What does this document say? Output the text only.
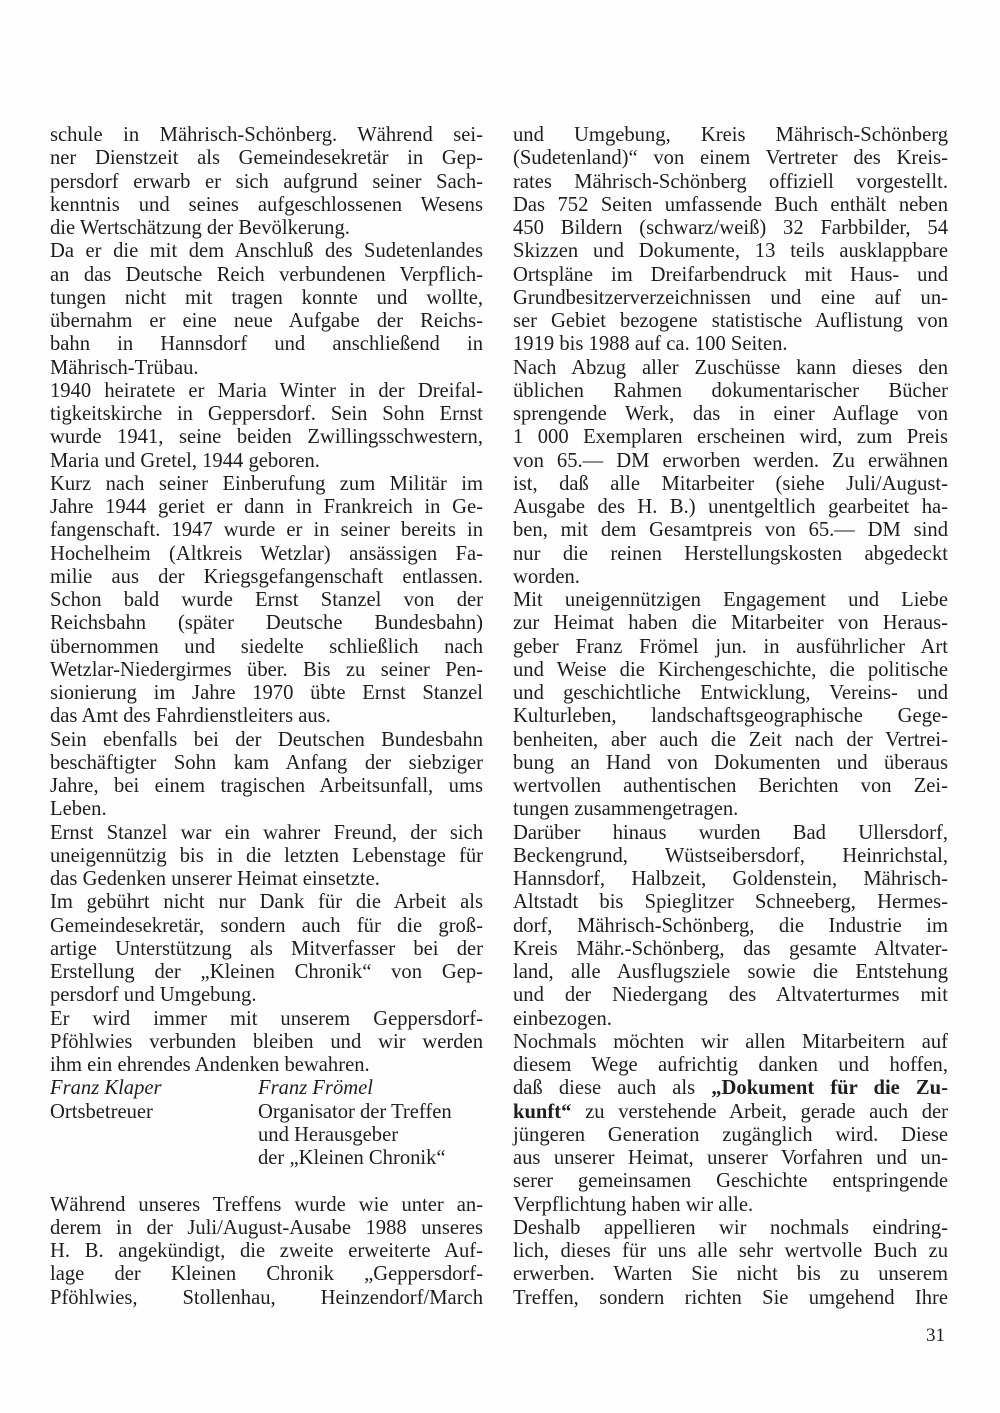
schule in Mährisch-Schönberg. Während sei-
ner Dienstzeit als Gemeindesekretär in Gep-
persdorf erwarb er sich aufgrund seiner Sach-
kenntnis und seines aufgeschlossenen Wesens
die Wertschätzung der Bevölkerung.
Da er die mit dem Anschluß des Sudetenlandes
an das Deutsche Reich verbundenen Verpflich-
tungen nicht mit tragen konnte und wollte,
übernahm er eine neue Aufgabe der Reichs-
bahn in Hannsdorf und anschließend in
Mährisch-Trübau.
1940 heiratete er Maria Winter in der Dreifal-
tigkeitskirche in Geppersdorf. Sein Sohn Ernst
wurde 1941, seine beiden Zwillingsschwestern,
Maria und Gretel, 1944 geboren.
Kurz nach seiner Einberufung zum Militär im
Jahre 1944 geriet er dann in Frankreich in Ge-
fangenschaft. 1947 wurde er in seiner bereits in
Hochelheim (Altkreis Wetzlar) ansässigen Fa-
milie aus der Kriegsgefangenschaft entlassen.
Schon bald wurde Ernst Stanzel von der
Reichsbahn (später Deutsche Bundesbahn)
übernommen und siedelte schließlich nach
Wetzlar-Niedergirmes über. Bis zu seiner Pen-
sionierung im Jahre 1970 übte Ernst Stanzel
das Amt des Fahrdienstleiters aus.
Sein ebenfalls bei der Deutschen Bundesbahn
beschäftigter Sohn kam Anfang der siebziger
Jahre, bei einem tragischen Arbeitsunfall, ums
Leben.
Ernst Stanzel war ein wahrer Freund, der sich
uneigennützig bis in die letzten Lebenstage für
das Gedenken unserer Heimat einsetzte.
Im gebührt nicht nur Dank für die Arbeit als
Gemeindesekretär, sondern auch für die groß-
artige Unterstützung als Mitverfasser bei der
Erstellung der „Kleinen Chronik“ von Gep-
persdorf und Umgebung.
Er wird immer mit unserem Geppersdorf-
Pföhlwies verbunden bleiben und wir werden
ihm ein ehrendes Andenken bewahren.
Franz Klaper	Franz Frömel
Ortsbetreuer	Organisator der Treffen
und Herausgeber
der „Kleinen Chronik“
Während unseres Treffens wurde wie unter an-
derem in der Juli/August-Ausabe 1988 unseres
H. B. angekündigt, die zweite erweiterte Auf-
lage der Kleinen Chronik „Geppersdorf-
Pföhlwies, Stollenhau, Heinzendorf/March
und Umgebung, Kreis Mährisch-Schönberg
(Sudetenland)“ von einem Vertreter des Kreis-
rates Mährisch-Schönberg offiziell vorgestellt.
Das 752 Seiten umfassende Buch enthält neben
450 Bildern (schwarz/weiß) 32 Farbbilder, 54
Skizzen und Dokumente, 13 teils ausklappbare
Ortspläne im Dreifarbendruck mit Haus- und
Grundbesitzerverzeichnissen und eine auf un-
ser Gebiet bezogene statistische Auflistung von
1919 bis 1988 auf ca. 100 Seiten.
Nach Abzug aller Zuschüsse kann dieses den
üblichen Rahmen dokumentarischer Bücher
sprengende Werk, das in einer Auflage von
1 000 Exemplaren erscheinen wird, zum Preis
von 65.— DM erworben werden. Zu erwähnen
ist, daß alle Mitarbeiter (siehe Juli/August-
Ausgabe des H. B.) unentgeltlich gearbeitet ha-
ben, mit dem Gesamtpreis von 65.— DM sind
nur die reinen Herstellungskosten abgedeckt
worden.
Mit uneigennützigen Engagement und Liebe
zur Heimat haben die Mitarbeiter von Heraus-
geber Franz Frömel jun. in ausführlicher Art
und Weise die Kirchengeschichte, die politische
und geschichtliche Entwicklung, Vereins- und
Kulturleben, landschaftsgeographische Gege-
benheiten, aber auch die Zeit nach der Vertrei-
bung an Hand von Dokumenten und überaus
wertvollen authentischen Berichten von Zei-
tungen zusammengetragen.
Darüber hinaus wurden Bad Ullersdorf,
Beckengrund, Wüstseibersdorf, Heinrichstal,
Hannsdorf, Halbzeit, Goldenstein, Mährisch-
Altstadt bis Spieglitzer Schneeberg, Hermes-
dorf, Mährisch-Schönberg, die Industrie im
Kreis Mähr.-Schönberg, das gesamte Altvater-
land, alle Ausflugsziele sowie die Entstehung
und der Niedergang des Altvaterturmes mit
einbezogen.
Nochmals möchten wir allen Mitarbeitern auf
diesem Wege aufrichtig danken und hoffen,
daß diese auch als „Dokument für die Zu-
kunft“ zu verstehende Arbeit, gerade auch der
jüngeren Generation zugänglich wird. Diese
aus unserer Heimat, unserer Vorfahren und un-
serer gemeinsamen Geschichte entspringende
Verpflichtung haben wir alle.
Deshalb appellieren wir nochmals eindring-
lich, dieses für uns alle sehr wertvolle Buch zu
erwerben. Warten Sie nicht bis zu unserem
Treffen, sondern richten Sie umgehend Ihre
31
